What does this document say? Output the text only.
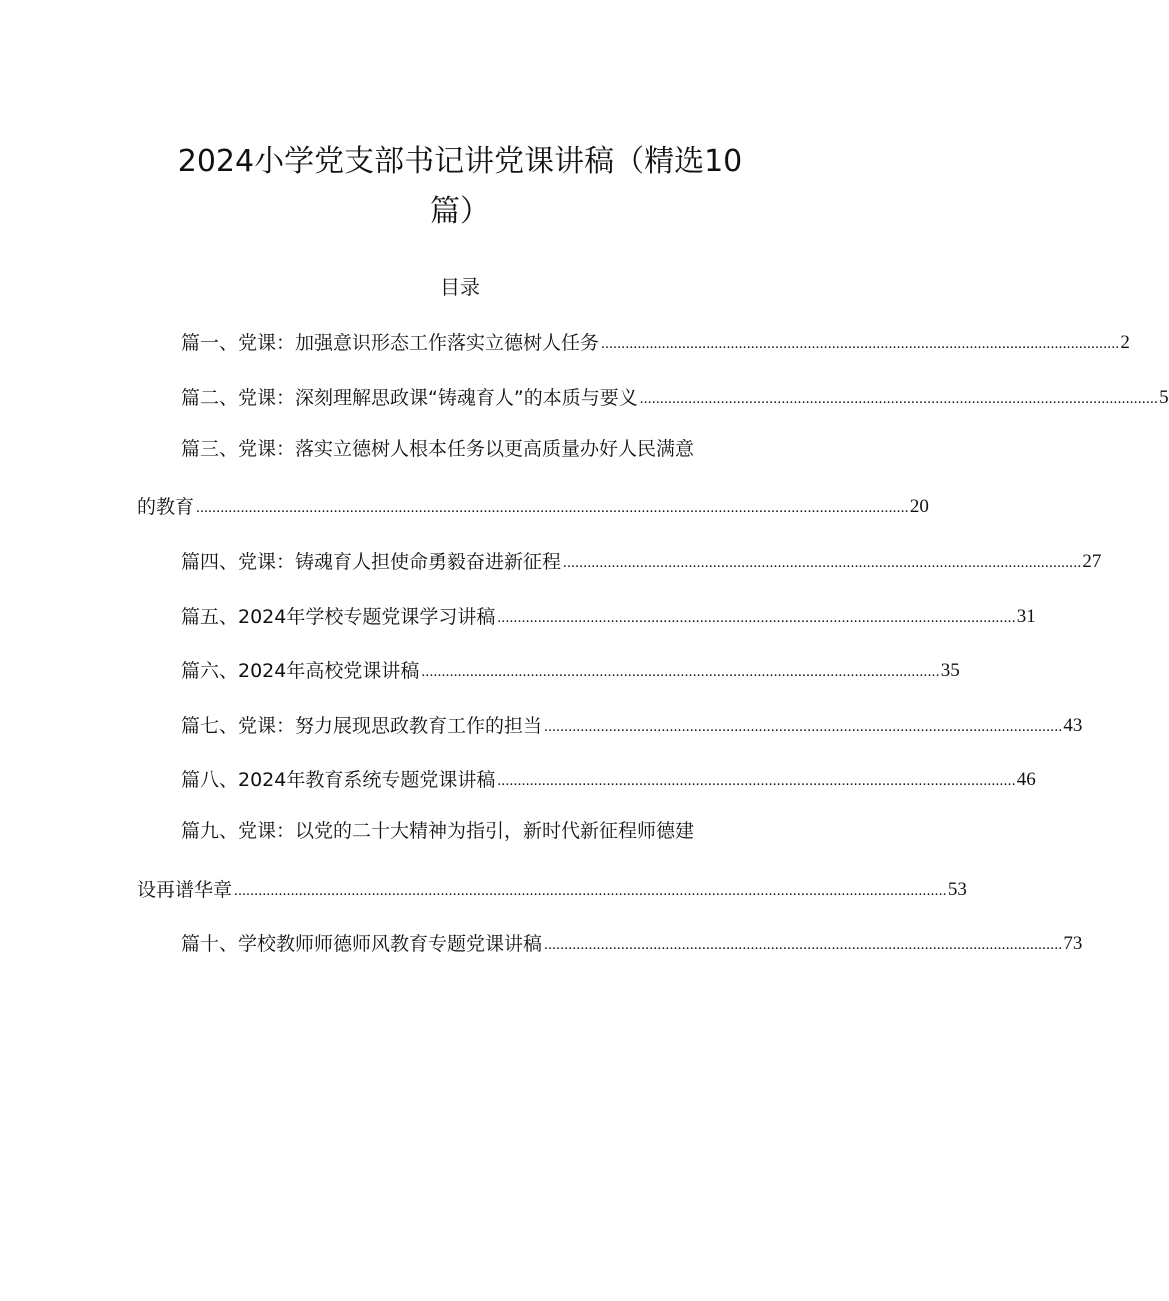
2024小学党支部书记讲党课讲稿（精选10
篇）
目录
篇一、党课：加强意识形态工作落实立德树人任务 ................................................................................................................................ 2
篇二、党课：深刻理解思政课“铸魂育人”的本质与要义 ................................................................................................................................ 5
篇三、党课：落实立德树人根本任务以更高质量办好人民满意
的教育 ................................................................................................................................................................................ 20
篇四、党课：铸魂育人担使命勇毅奋进新征程 ................................................................................................................................ 27
篇五、2024年学校专题党课学习讲稿 ................................................................................................................................ 31
篇六、2024年高校党课讲稿 ................................................................................................................................ 35
篇七、党课：努力展现思政教育工作的担当 ................................................................................................................................ 43
篇八、2024年教育系统专题党课讲稿 ................................................................................................................................ 46
篇九、党课：以党的二十大精神为指引，新时代新征程师德建
设再谱华章 ................................................................................................................................................................................ 53
篇十、学校教师师德师风教育专题党课讲稿 ................................................................................................................................ 73
